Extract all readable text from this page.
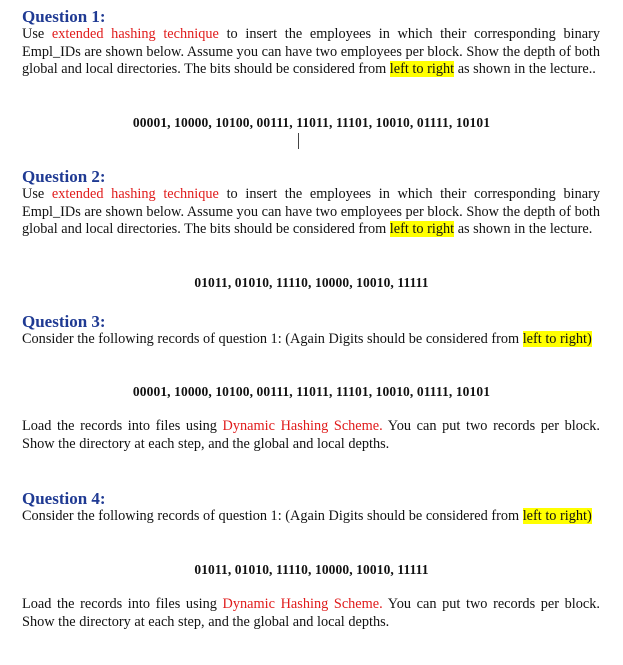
Question 1:
Use extended hashing technique to insert the employees in which their corresponding binary Empl_IDs are shown below. Assume you can have two employees per block. Show the depth of both global and local directories. The bits should be considered from left to right as shown in the lecture..
00001, 10000, 10100, 00111, 11011, 11101, 10010, 01111, 10101
Question 2:
Use extended hashing technique to insert the employees in which their corresponding binary Empl_IDs are shown below. Assume you can have two employees per block. Show the depth of both global and local directories. The bits should be considered from left to right as shown in the lecture.
01011, 01010, 11110, 10000, 10010, 11111
Question 3:
Consider the following records of question 1: (Again Digits should be considered from left to right)
00001, 10000, 10100, 00111, 11011, 11101, 10010, 01111, 10101
Load the records into files using Dynamic Hashing Scheme. You can put two records per block. Show the directory at each step, and the global and local depths.
Question 4:
Consider the following records of question 1: (Again Digits should be considered from left to right)
01011, 01010, 11110, 10000, 10010, 11111
Load the records into files using Dynamic Hashing Scheme. You can put two records per block. Show the directory at each step, and the global and local depths.
